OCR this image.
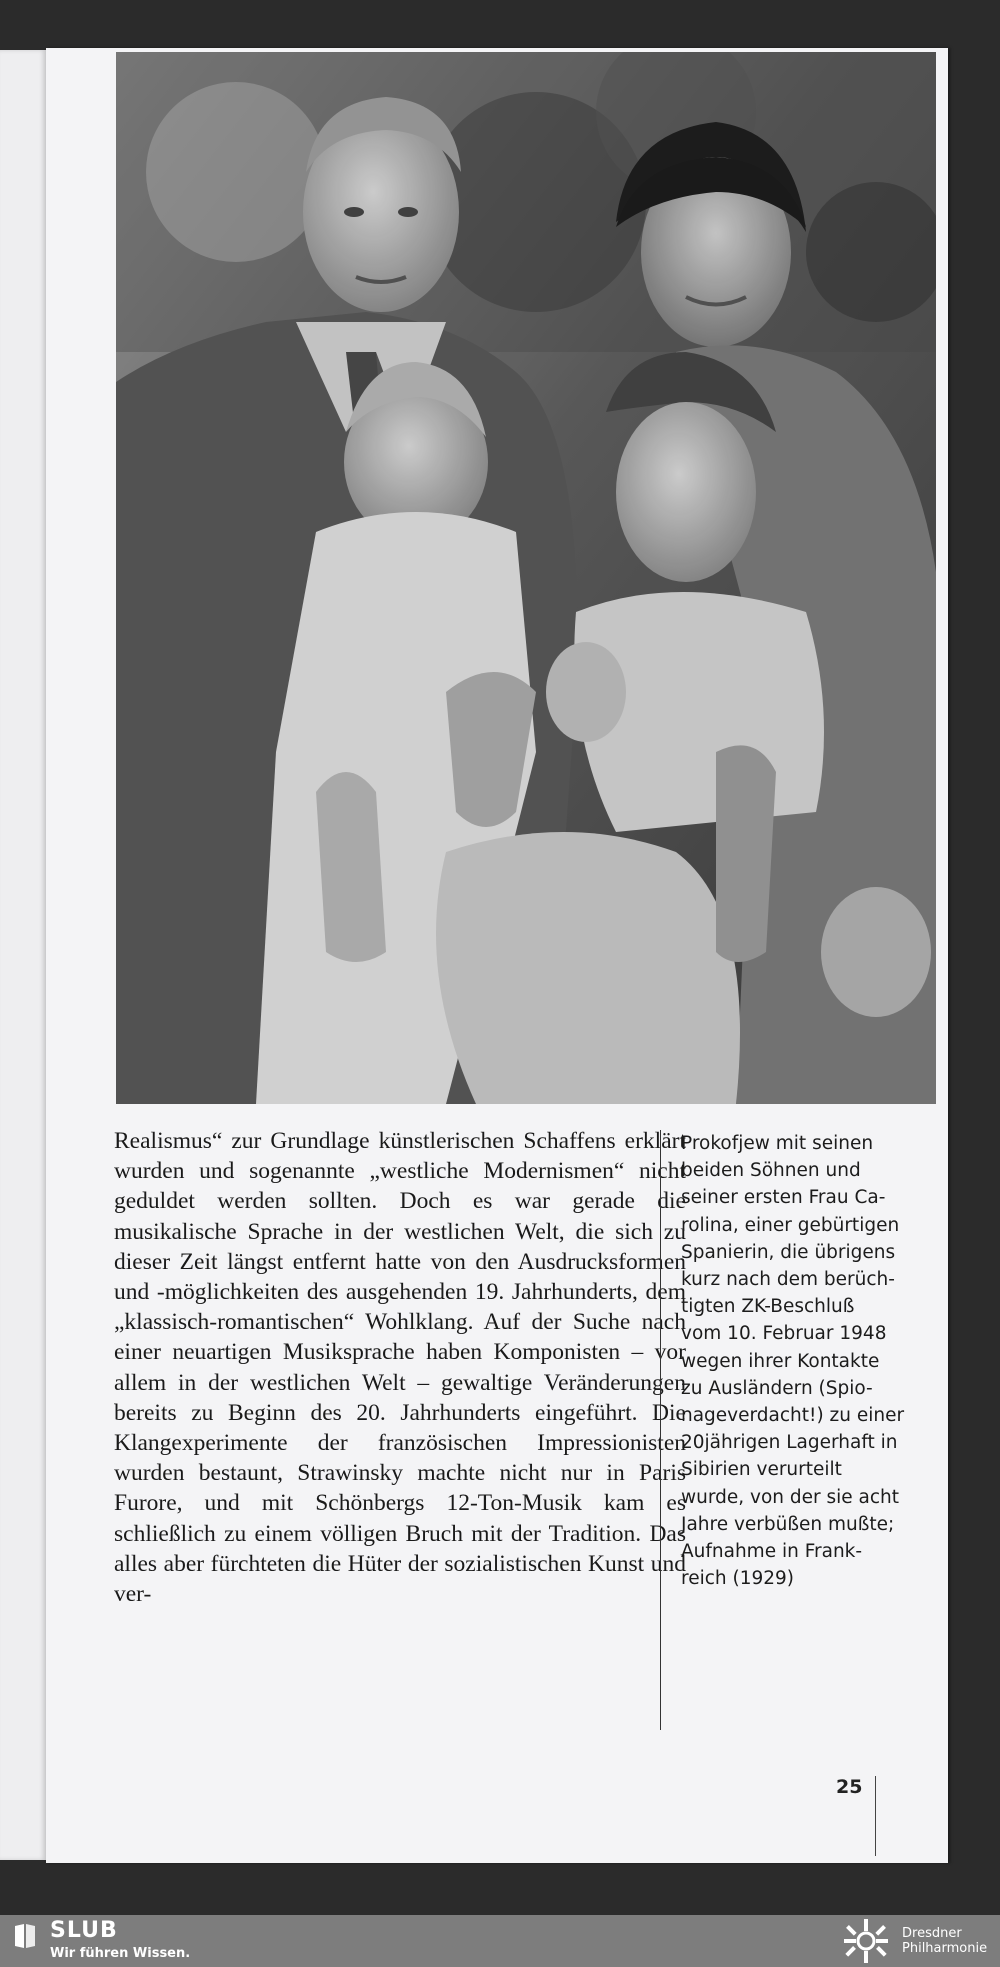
Realismus“ zur Grundlage künstlerischen Schaffens erklärt wurden und sogenannte „westliche Modernismen“ nicht geduldet werden sollten. Doch es war gerade die musikalische Sprache in der westlichen Welt, die sich zu dieser Zeit längst entfernt hatte von den Ausdrucksformen und -möglichkeiten des ausgehenden 19. Jahrhunderts, dem „klassisch-romantischen“ Wohlklang. Auf der Suche nach einer neuartigen Musiksprache haben Komponisten – vor allem in der westlichen Welt – gewaltige Veränderungen bereits zu Beginn des 20. Jahrhunderts eingeführt. Die Klangexperimente der französischen Impressionisten wurden bestaunt, Strawinsky machte nicht nur in Paris Furore, und mit Schönbergs 12-Ton-Musik kam es schließlich zu einem völligen Bruch mit der Tradition. Das alles aber fürchteten die Hüter der sozialistischen Kunst und ver-

Prokofjew mit seinen
beiden Söhnen und
seiner ersten Frau Ca-
rolina, einer gebürtigen
Spanierin, die übrigens
kurz nach dem berüch-
tigten ZK-Beschluß
vom 10. Februar 1948
wegen ihrer Kontakte
zu Ausländern (Spio-
nageverdacht!) zu einer
20jährigen Lagerhaft in
Sibirien verurteilt
wurde, von der sie acht
Jahre verbüßen mußte;
Aufnahme in Frank-
reich (1929)
25
SLUB
Wir führen Wissen.
Dresdner
Philharmonie
